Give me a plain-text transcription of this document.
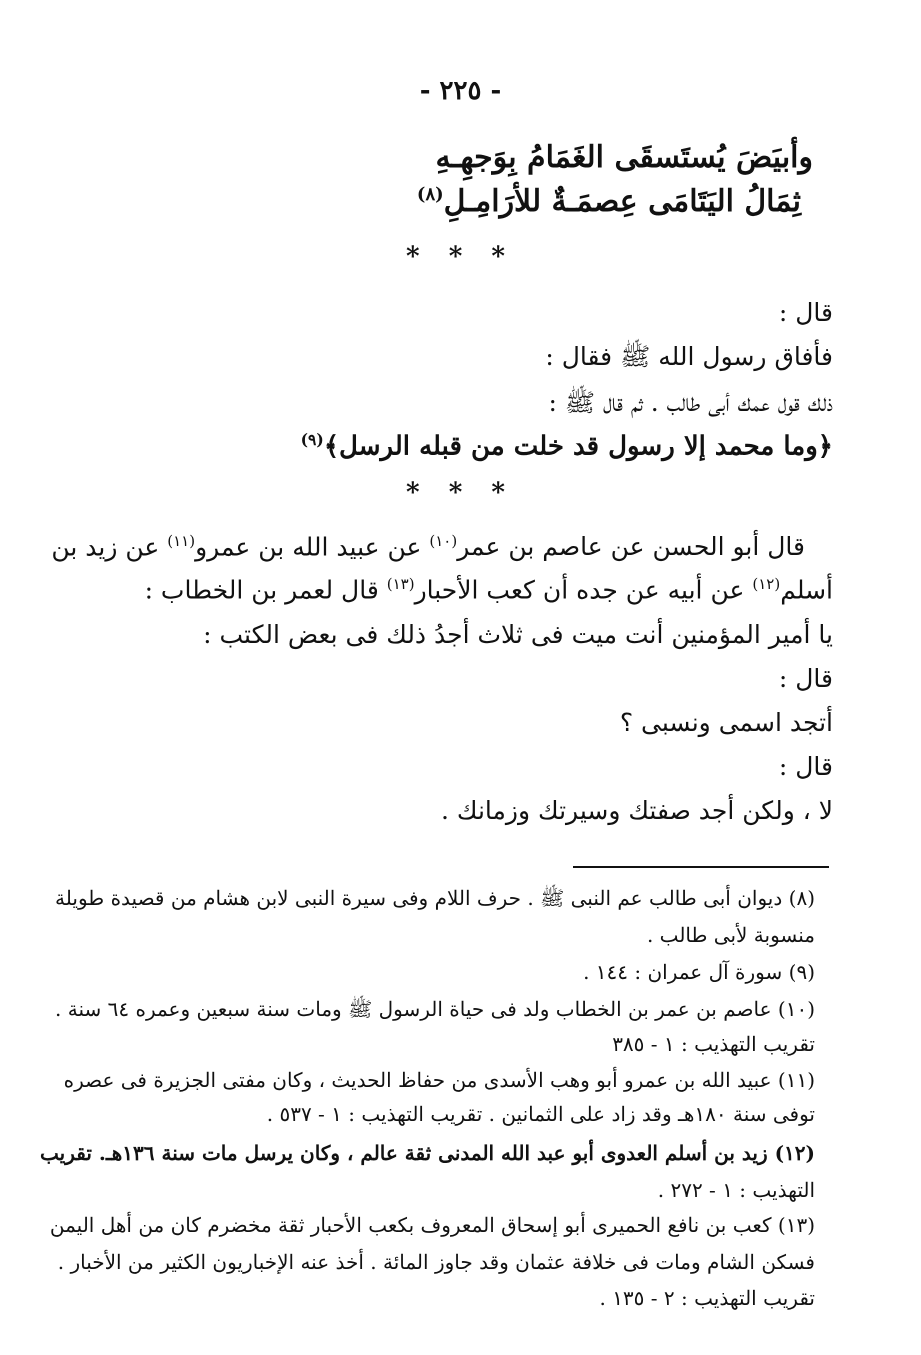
- ٢٢٥ -
وأبيَضَ يُستَسقَى الغَمَامُ بِوَجهِـهِ
ثِمَالُ اليَتَامَى عِصمَـةٌ للأرَامِـلِ$^{(٨)}$
* * *
قال :
فأفاق رسول الله ﷺ فقال :
ذلك قول عمك أبى طالب . ثم قال ﷺ :
﴿وما محمد إلا رسول قد خلت من قبله الرسل﴾$^{(٩)}$
* * *
قال أبو الحسن عن عاصم بن عمر$^{(١٠)}$ عن عبيد الله بن عمرو$^{(١١)}$ عن زيد بن
أسلم$^{(١٢)}$ عن أبيه عن جده أن كعب الأحبار$^{(١٣)}$ قال لعمر بن الخطاب :
يا أمير المؤمنين أنت ميت فى ثلاث أجدُ ذلك فى بعض الكتب :
قال :
أتجد اسمى ونسبى ؟
قال :
لا ، ولكن أجد صفتك وسيرتك وزمانك .
(٨) ديوان أبى طالب عم النبى ﷺ . حرف اللام وفى سيرة النبى لابن هشام من قصيدة طويلة
منسوبة لأبى طالب .
(٩) سورة آل عمران : ١٤٤ .
(١٠) عاصم بن عمر بن الخطاب ولد فى حياة الرسول ﷺ ومات سنة سبعين وعمره ٦٤ سنة .
تقريب التهذيب : ١ - ٣٨٥
(١١) عبيد الله بن عمرو أبو وهب الأسدى من حفاظ الحديث ، وكان مفتى الجزيرة فى عصره
توفى سنة ١٨٠هـ وقد زاد على الثمانين . تقريب التهذيب : ١ - ٥٣٧ .
(١٢) زيد بن أسلم العدوى أبو عبد الله المدنى ثقة عالم ، وكان يرسل مات سنة ١٣٦هـ. تقريب
التهذيب : ١ - ٢٧٢ .
(١٣) كعب بن نافع الحميرى أبو إسحاق المعروف بكعب الأحبار ثقة مخضرم كان من أهل اليمن
فسكن الشام ومات فى خلافة عثمان وقد جاوز المائة . أخذ عنه الإخباريون الكثير من الأخبار .
تقريب التهذيب : ٢ - ١٣٥ .
